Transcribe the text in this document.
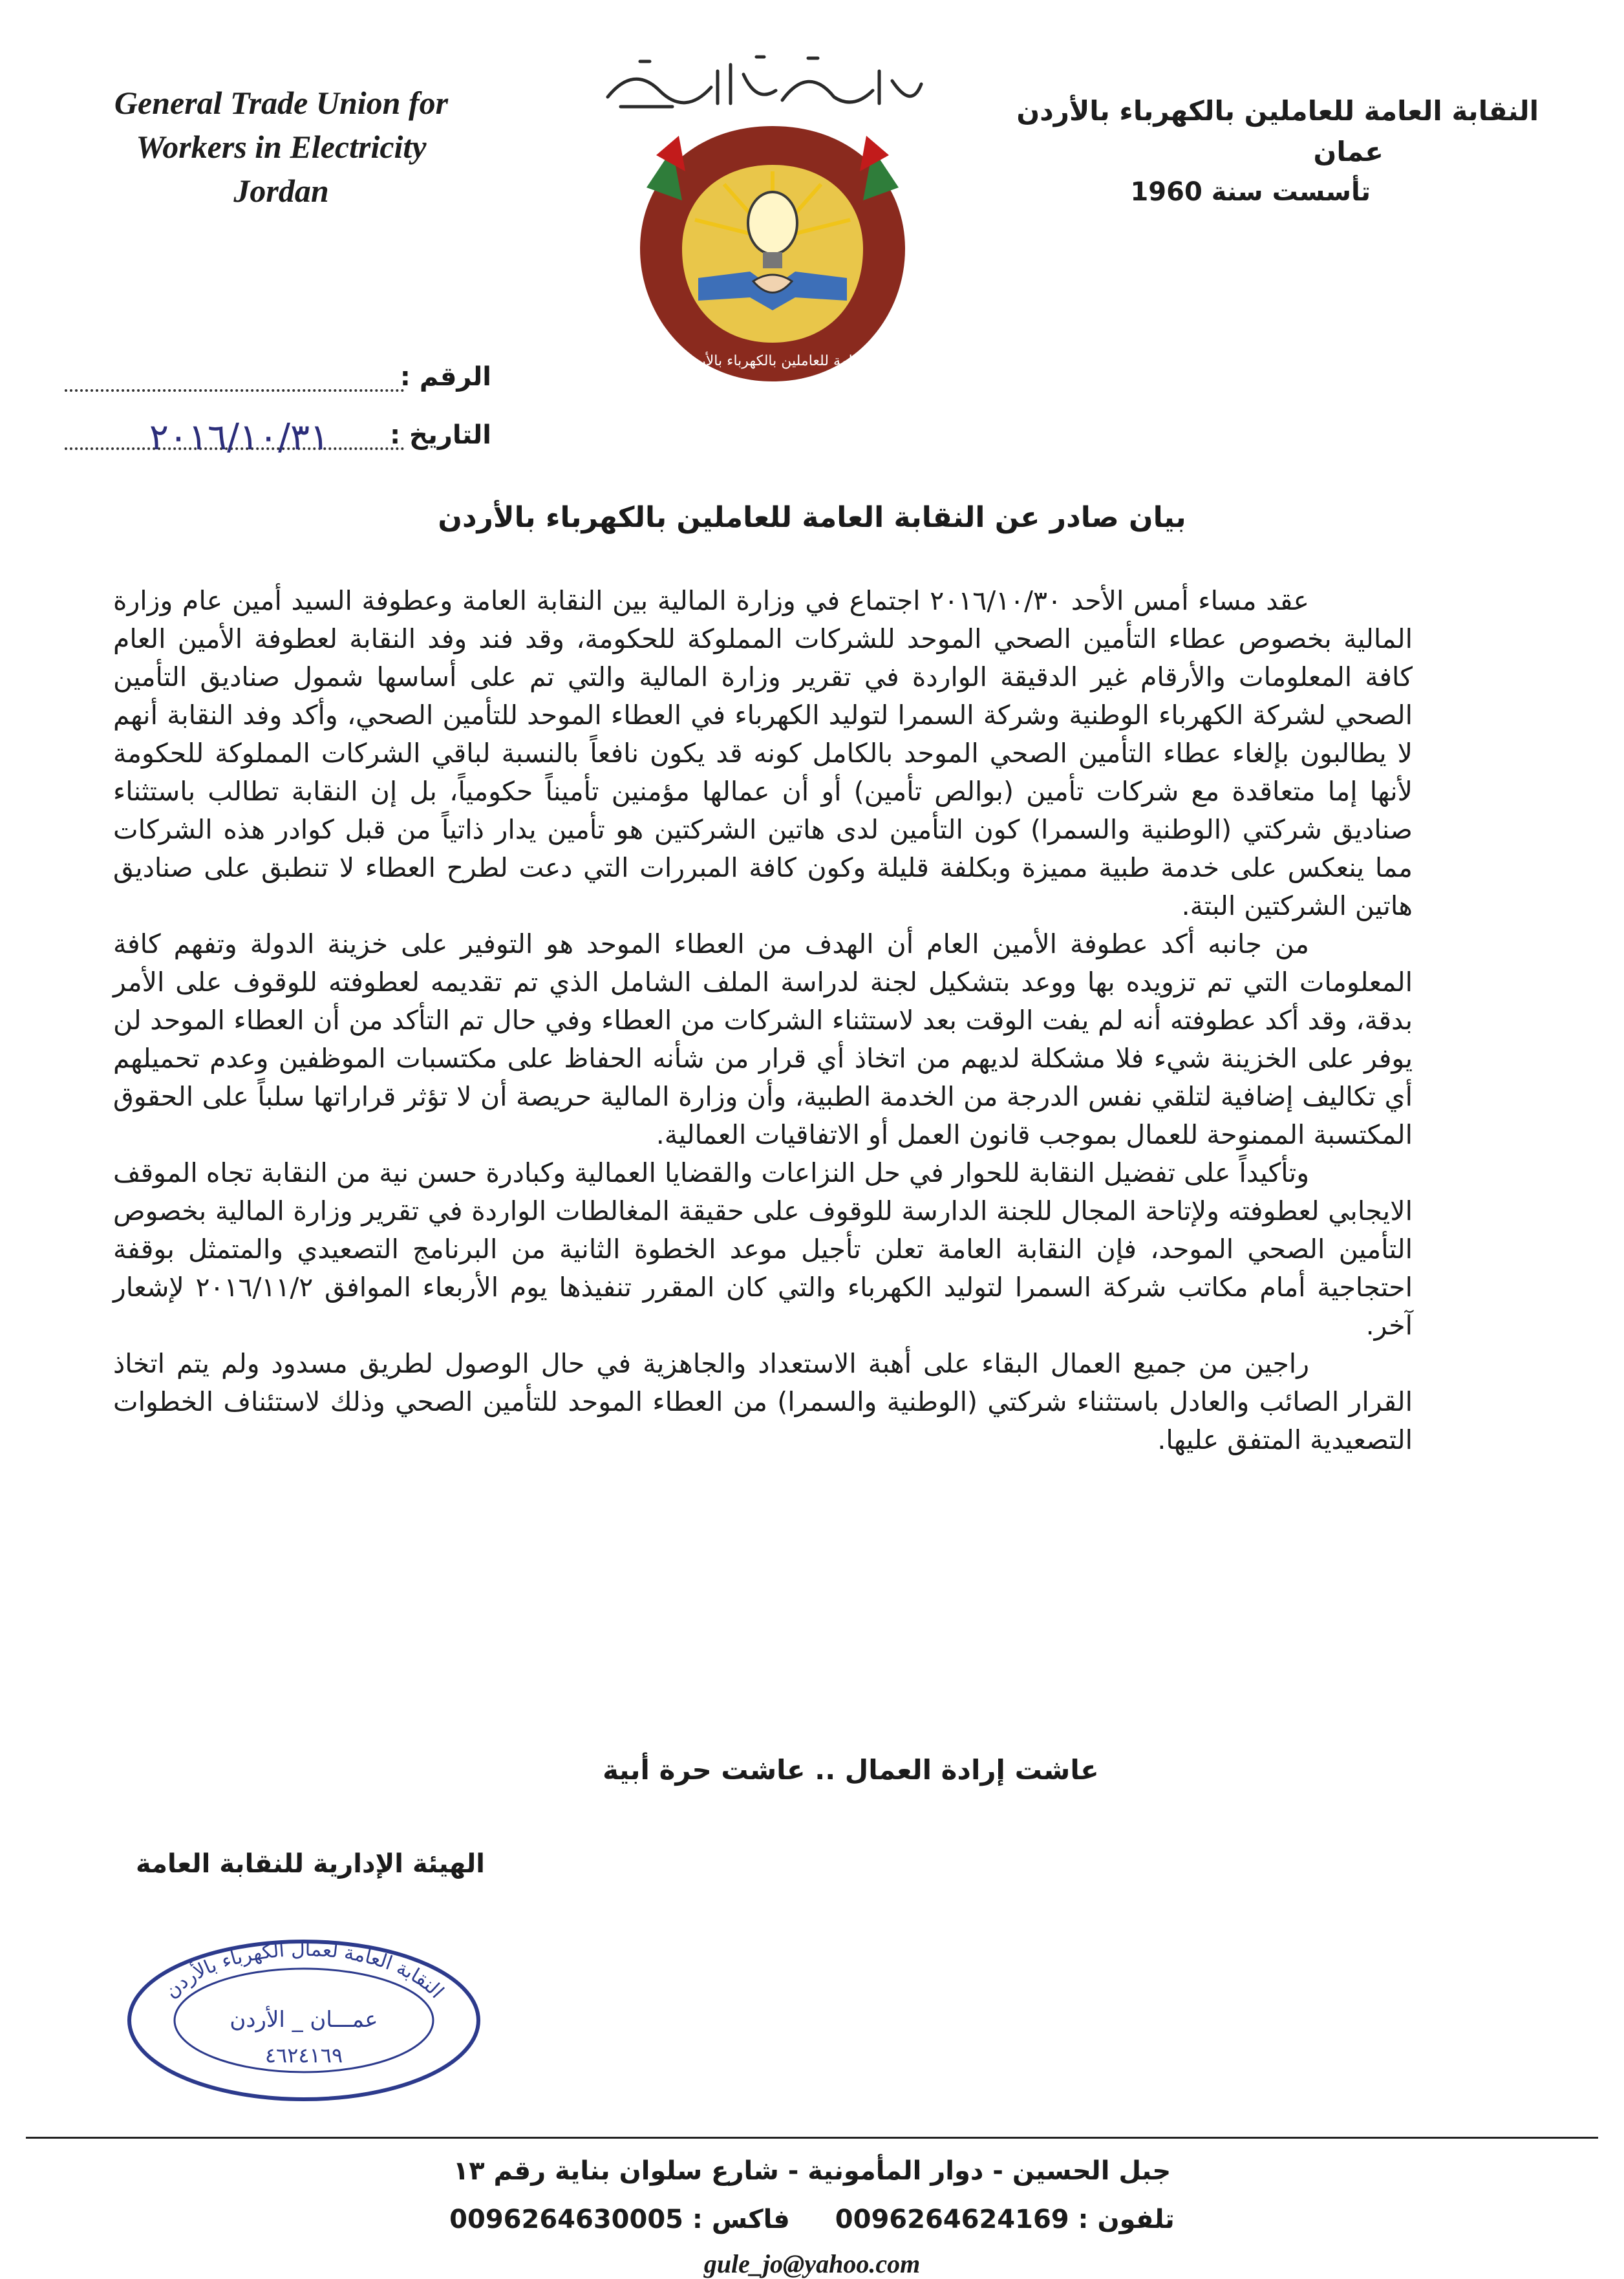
General Trade Union for
Workers in Electricity
Jordan
النقابة العامة للعاملين بالكهرباء بالأردن / عمان
النقابة العامة للعاملين بالكهرباء بالأردن
عمان
تأسست سنة 1960
الرقم :
التاريخ :
٢٠١٦/١٠/٣١
بيان صادر عن النقابة العامة للعاملين بالكهرباء بالأردن

عقد مساء أمس الأحد ٢٠١٦/١٠/٣٠ اجتماع في وزارة المالية بين النقابة العامة وعطوفة السيد أمين عام وزارة المالية بخصوص عطاء التأمين الصحي الموحد للشركات المملوكة للحكومة، وقد فند وفد النقابة لعطوفة الأمين العام كافة المعلومات والأرقام غير الدقيقة الواردة في تقرير وزارة المالية والتي تم على أساسها شمول صناديق التأمين الصحي لشركة الكهرباء الوطنية وشركة السمرا لتوليد الكهرباء في العطاء الموحد للتأمين الصحي، وأكد وفد النقابة أنهم لا يطالبون بإلغاء عطاء التأمين الصحي الموحد بالكامل كونه قد يكون نافعاً بالنسبة لباقي الشركات المملوكة للحكومة لأنها إما متعاقدة مع شركات تأمين (بوالص تأمين) أو أن عمالها مؤمنين تأميناً حكومياً، بل إن النقابة تطالب باستثناء صناديق شركتي (الوطنية والسمرا) كون التأمين لدى هاتين الشركتين هو تأمين يدار ذاتياً من قبل كوادر هذه الشركات مما ينعكس على خدمة طبية مميزة وبكلفة قليلة وكون كافة المبررات التي دعت لطرح العطاء لا تنطبق على صناديق هاتين الشركتين البتة.

من جانبه أكد عطوفة الأمين العام أن الهدف من العطاء الموحد هو التوفير على خزينة الدولة وتفهم كافة المعلومات التي تم تزويده بها ووعد بتشكيل لجنة لدراسة الملف الشامل الذي تم تقديمه لعطوفته للوقوف على الأمر بدقة، وقد أكد عطوفته أنه لم يفت الوقت بعد لاستثناء الشركات من العطاء وفي حال تم التأكد من أن العطاء الموحد لن يوفر على الخزينة شيء فلا مشكلة لديهم من اتخاذ أي قرار من شأنه الحفاظ على مكتسبات الموظفين وعدم تحميلهم أي تكاليف إضافية لتلقي نفس الدرجة من الخدمة الطبية، وأن وزارة المالية حريصة أن لا تؤثر قراراتها سلباً على الحقوق المكتسبة الممنوحة للعمال بموجب قانون العمل أو الاتفاقيات العمالية.

وتأكيداً على تفضيل النقابة للحوار في حل النزاعات والقضايا العمالية وكبادرة حسن نية من النقابة تجاه الموقف الايجابي لعطوفته ولإتاحة المجال للجنة الدارسة للوقوف على حقيقة المغالطات الواردة في تقرير وزارة المالية بخصوص التأمين الصحي الموحد، فإن النقابة العامة تعلن تأجيل موعد الخطوة الثانية من البرنامج التصعيدي والمتمثل بوقفة احتجاجية أمام مكاتب شركة السمرا لتوليد الكهرباء والتي كان المقرر تنفيذها يوم الأربعاء الموافق ٢٠١٦/١١/٢ لإشعار آخر.

راجين من جميع العمال البقاء على أهبة الاستعداد والجاهزية في حال الوصول لطريق مسدود ولم يتم اتخاذ القرار الصائب والعادل باستثناء شركتي (الوطنية والسمرا) من العطاء الموحد للتأمين الصحي وذلك لاستئناف الخطوات التصعيدية المتفق عليها.

عاشت إرادة العمال .. عاشت حرة أبية
الهيئة الإدارية للنقابة العامة
النقابة العامة لعمال الكهرباء بالأردن
عمـــان _ الأردن
٤٦٢٤١٦٩
جبل الحسين - دوار المأمونية - شارع سلوان بناية رقم ١٣
0096264630005 : فاكس 0096264624169 : تلفون
gule_jo@yahoo.com
